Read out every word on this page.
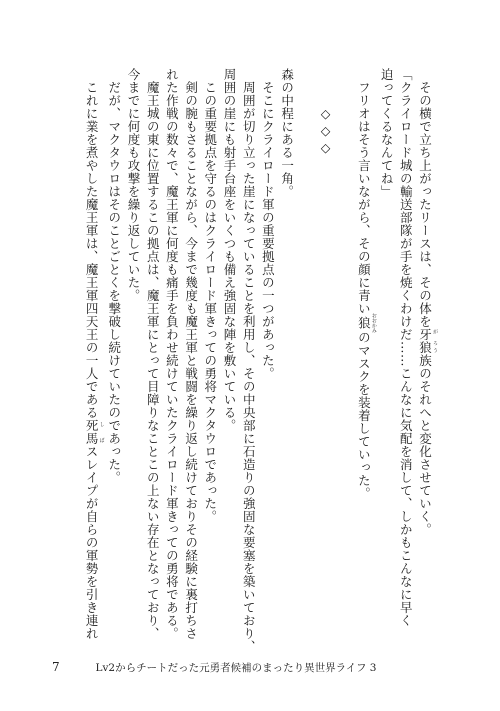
その横で立ち上がったリースは、その体を牙狼 が ろう族のそれへと変化させていく。

「クライロード城の輸送部隊が手を焼くわけだ……こんなに気配を消して、しかもこんなに早く

迫ってくるなんてね」

フリオはそう言いながら、その顔に青い狼 おおかみのマスクを装着していった。

◇◇◇

森の中程にある一角。

そこにクライロード軍の重要拠点の一つがあった。

周囲が切り立った崖になっていることを利用し、その中央部に石造りの強固な要塞を築いており、

周囲の崖にも射手台座をいくつも備え強固な陣を敷いている。

この重要拠点を守るのはクライロード軍きっての勇将マクタウロであった。

剣の腕もさることながら、今まで幾度も魔王軍と戦闘を繰り返し続けておりその経験に裏打ちさ

れた作戦の数々で、魔王軍に何度も痛手を負わせ続けていたクライロード軍きっての勇将である。

魔王城の東に位置するこの拠点は、魔王軍にとって目障りなことこの上ない存在となっており、

今までに何度も攻撃を繰り返していた。

だが、マクタウロはそのことごとくを撃破し続けていたのであった。

これに業を煮やした魔王軍は、魔王軍四天王の一人である死馬 し ばスレイプが自らの軍勢を引き連れ

7	Lv2からチートだった元勇者候補のまったり異世界ライフ 3
